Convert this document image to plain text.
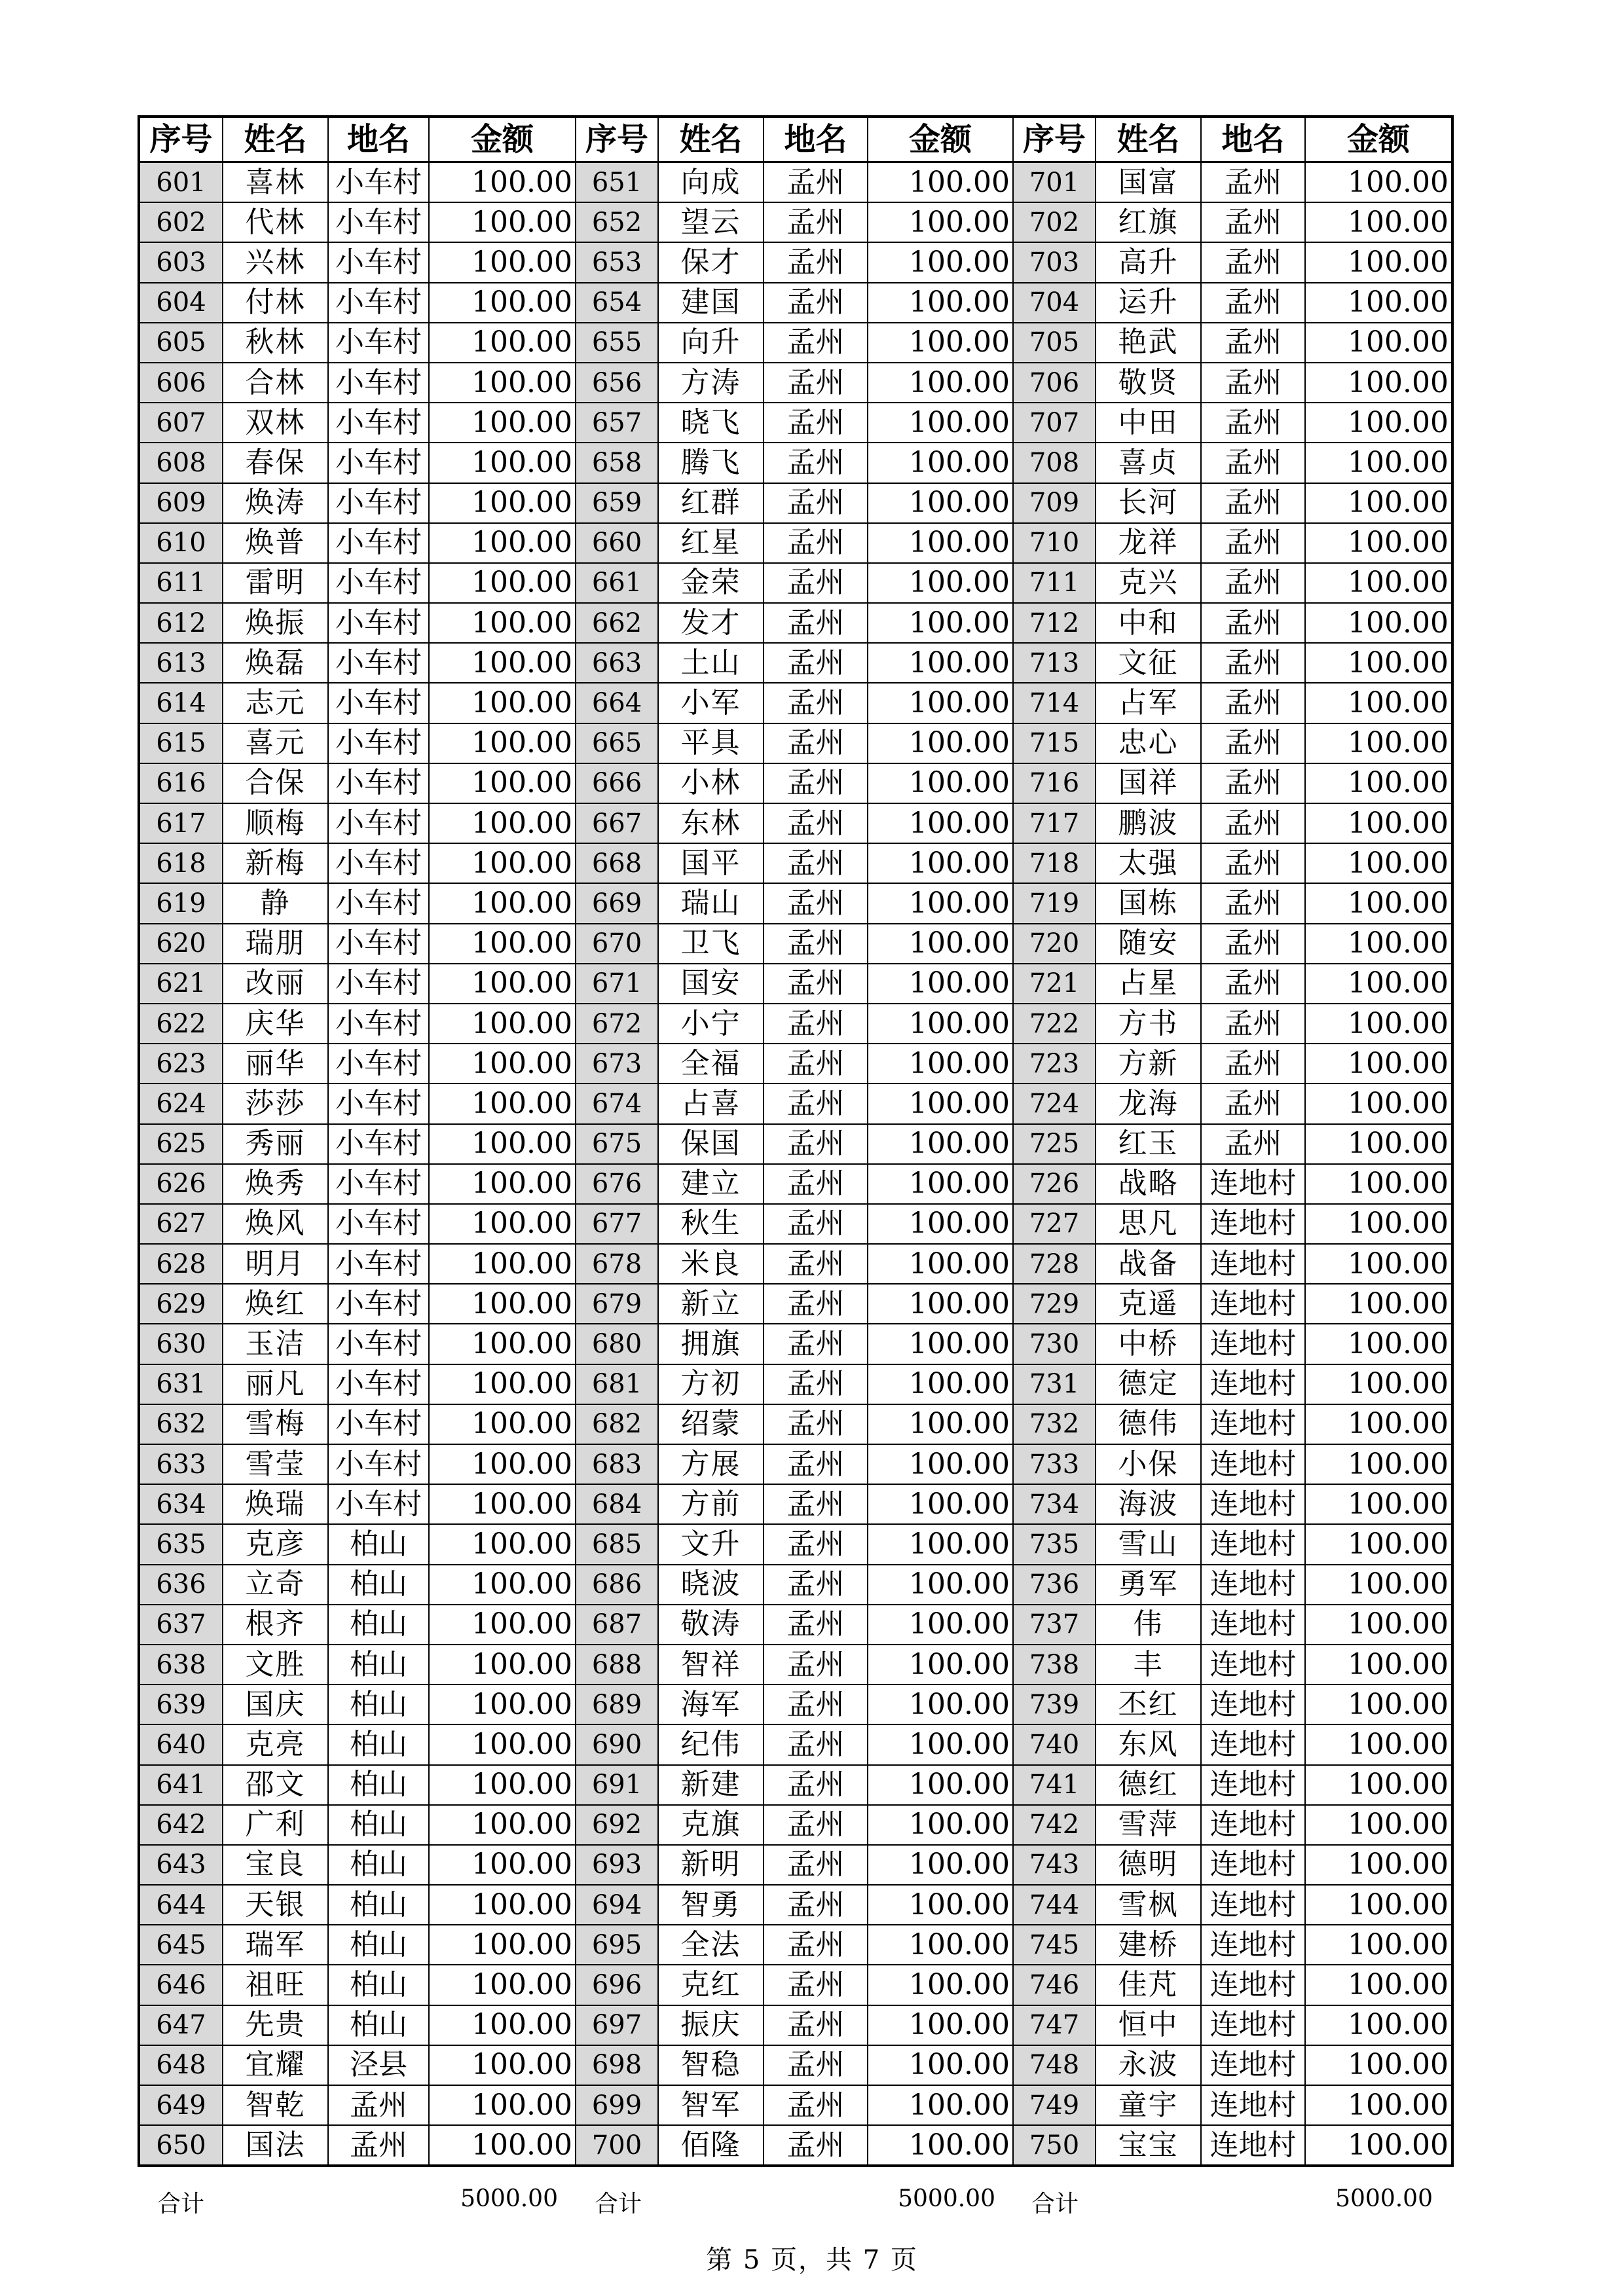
序号	姓名	地名	金额	序号	姓名	地名	金额	序号	姓名	地名	金额
601	喜林	小车村	100.00	651	向成	孟州	100.00	701	国富	孟州	100.00
602	代林	小车村	100.00	652	望云	孟州	100.00	702	红旗	孟州	100.00
603	兴林	小车村	100.00	653	保才	孟州	100.00	703	高升	孟州	100.00
604	付林	小车村	100.00	654	建国	孟州	100.00	704	运升	孟州	100.00
605	秋林	小车村	100.00	655	向升	孟州	100.00	705	艳武	孟州	100.00
606	合林	小车村	100.00	656	方涛	孟州	100.00	706	敬贤	孟州	100.00
607	双林	小车村	100.00	657	晓飞	孟州	100.00	707	中田	孟州	100.00
608	春保	小车村	100.00	658	腾飞	孟州	100.00	708	喜贞	孟州	100.00
609	焕涛	小车村	100.00	659	红群	孟州	100.00	709	长河	孟州	100.00
610	焕普	小车村	100.00	660	红星	孟州	100.00	710	龙祥	孟州	100.00
611	雷明	小车村	100.00	661	金荣	孟州	100.00	711	克兴	孟州	100.00
612	焕振	小车村	100.00	662	发才	孟州	100.00	712	中和	孟州	100.00
613	焕磊	小车村	100.00	663	土山	孟州	100.00	713	文征	孟州	100.00
614	志元	小车村	100.00	664	小军	孟州	100.00	714	占军	孟州	100.00
615	喜元	小车村	100.00	665	平具	孟州	100.00	715	忠心	孟州	100.00
616	合保	小车村	100.00	666	小林	孟州	100.00	716	国祥	孟州	100.00
617	顺梅	小车村	100.00	667	东林	孟州	100.00	717	鹏波	孟州	100.00
618	新梅	小车村	100.00	668	国平	孟州	100.00	718	太强	孟州	100.00
619	静	小车村	100.00	669	瑞山	孟州	100.00	719	国栋	孟州	100.00
620	瑞朋	小车村	100.00	670	卫飞	孟州	100.00	720	随安	孟州	100.00
621	改丽	小车村	100.00	671	国安	孟州	100.00	721	占星	孟州	100.00
622	庆华	小车村	100.00	672	小宁	孟州	100.00	722	方书	孟州	100.00
623	丽华	小车村	100.00	673	全福	孟州	100.00	723	方新	孟州	100.00
624	莎莎	小车村	100.00	674	占喜	孟州	100.00	724	龙海	孟州	100.00
625	秀丽	小车村	100.00	675	保国	孟州	100.00	725	红玉	孟州	100.00
626	焕秀	小车村	100.00	676	建立	孟州	100.00	726	战略	连地村	100.00
627	焕风	小车村	100.00	677	秋生	孟州	100.00	727	思凡	连地村	100.00
628	明月	小车村	100.00	678	米良	孟州	100.00	728	战备	连地村	100.00
629	焕红	小车村	100.00	679	新立	孟州	100.00	729	克遥	连地村	100.00
630	玉洁	小车村	100.00	680	拥旗	孟州	100.00	730	中桥	连地村	100.00
631	丽凡	小车村	100.00	681	方初	孟州	100.00	731	德定	连地村	100.00
632	雪梅	小车村	100.00	682	绍蒙	孟州	100.00	732	德伟	连地村	100.00
633	雪莹	小车村	100.00	683	方展	孟州	100.00	733	小保	连地村	100.00
634	焕瑞	小车村	100.00	684	方前	孟州	100.00	734	海波	连地村	100.00
635	克彦	柏山	100.00	685	文升	孟州	100.00	735	雪山	连地村	100.00
636	立奇	柏山	100.00	686	晓波	孟州	100.00	736	勇军	连地村	100.00
637	根齐	柏山	100.00	687	敬涛	孟州	100.00	737	伟	连地村	100.00
638	文胜	柏山	100.00	688	智祥	孟州	100.00	738	丰	连地村	100.00
639	国庆	柏山	100.00	689	海军	孟州	100.00	739	丕红	连地村	100.00
640	克亮	柏山	100.00	690	纪伟	孟州	100.00	740	东风	连地村	100.00
641	邵文	柏山	100.00	691	新建	孟州	100.00	741	德红	连地村	100.00
642	广利	柏山	100.00	692	克旗	孟州	100.00	742	雪萍	连地村	100.00
643	宝良	柏山	100.00	693	新明	孟州	100.00	743	德明	连地村	100.00
644	天银	柏山	100.00	694	智勇	孟州	100.00	744	雪枫	连地村	100.00
645	瑞军	柏山	100.00	695	全法	孟州	100.00	745	建桥	连地村	100.00
646	祖旺	柏山	100.00	696	克红	孟州	100.00	746	佳芃	连地村	100.00
647	先贵	柏山	100.00	697	振庆	孟州	100.00	747	恒中	连地村	100.00
648	宜耀	泾县	100.00	698	智稳	孟州	100.00	748	永波	连地村	100.00
649	智乾	孟州	100.00	699	智军	孟州	100.00	749	童宇	连地村	100.00
650	国法	孟州	100.00	700	佰隆	孟州	100.00	750	宝宝	连地村	100.00
合计	5000.00 合计	5000.00 合计	5000.00
第 5 页，共 7 页
